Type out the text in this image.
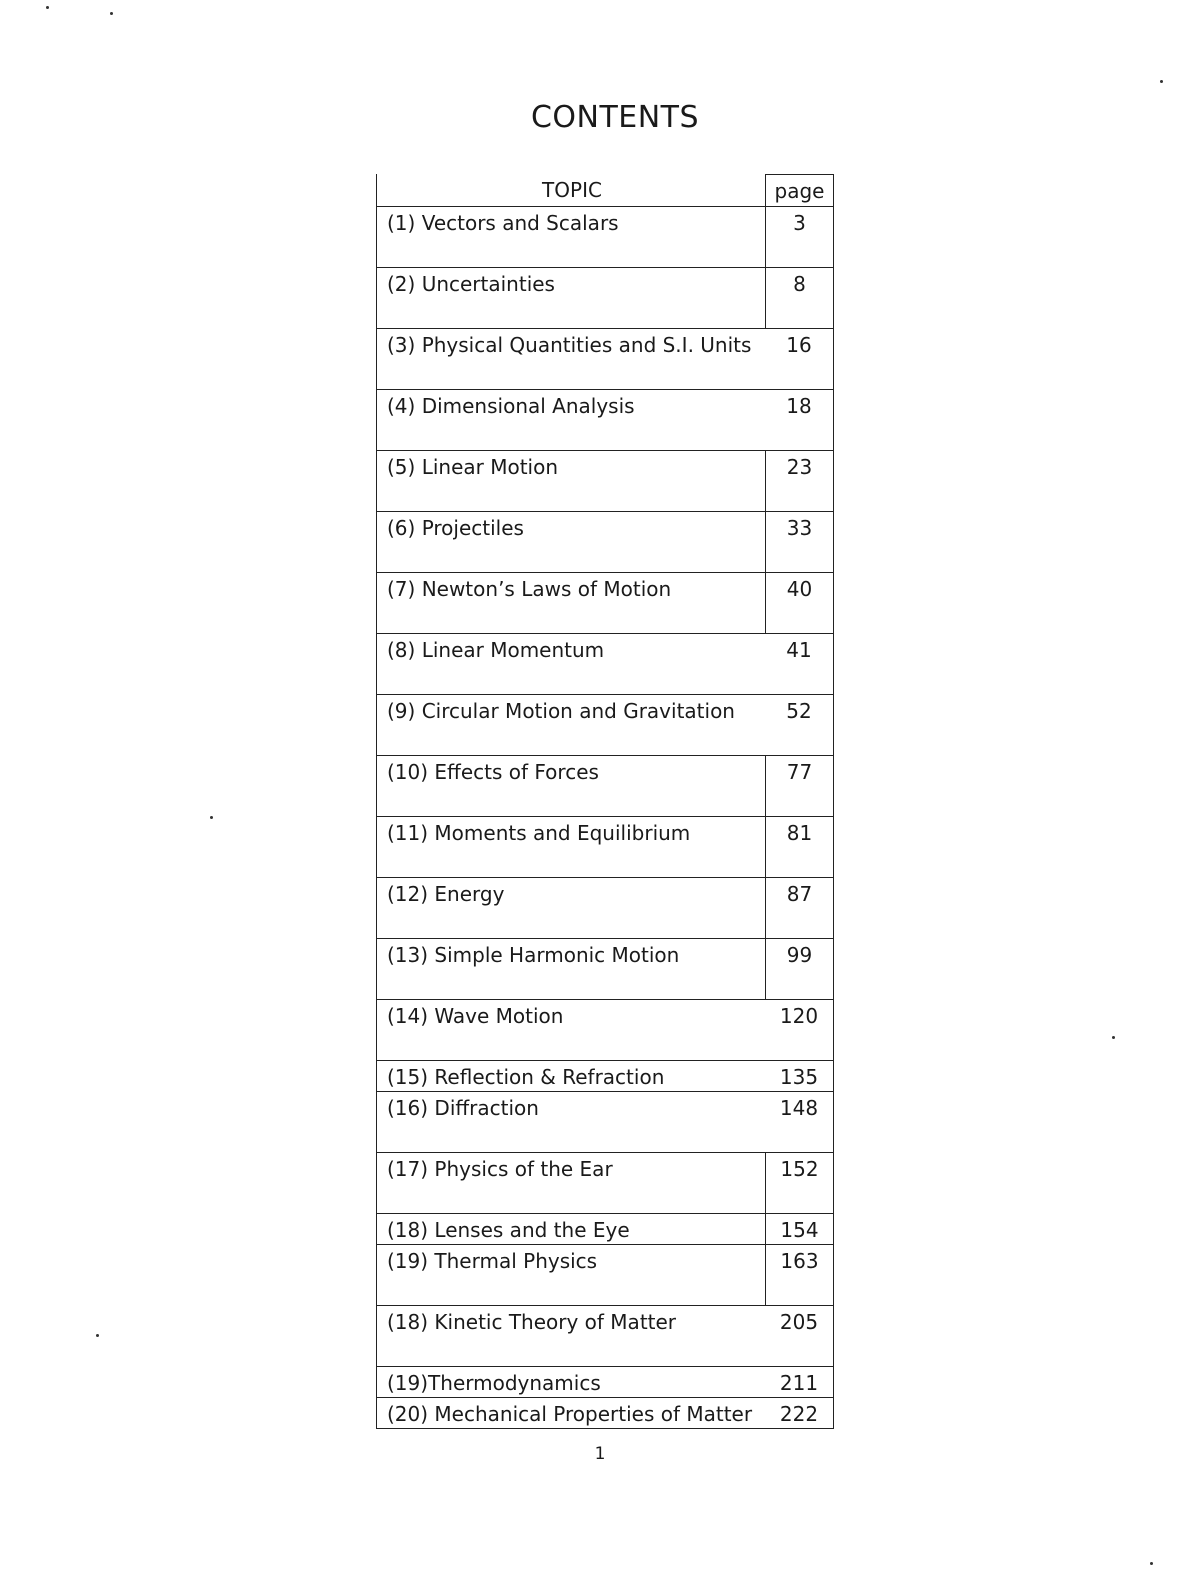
CONTENTS
TOPIC	page
(1) Vectors and Scalars	3
(2) Uncertainties	8
(3) Physical Quantities and S.I. Units	16
(4) Dimensional Analysis	18
(5) Linear Motion	23
(6) Projectiles	33
(7) Newton’s Laws of Motion	40
(8) Linear Momentum	41
(9) Circular Motion and Gravitation	52
(10) Effects of Forces	77
(11) Moments and Equilibrium	81
(12) Energy	87
(13) Simple Harmonic Motion	99
(14) Wave Motion	120
(15) Reflection & Refraction	135
(16) Diffraction	148
(17) Physics of the Ear	152
(18) Lenses and the Eye	154
(19) Thermal Physics	163
(18) Kinetic Theory of Matter	205
(19)Thermodynamics	211
(20) Mechanical Properties of Matter	222
1
